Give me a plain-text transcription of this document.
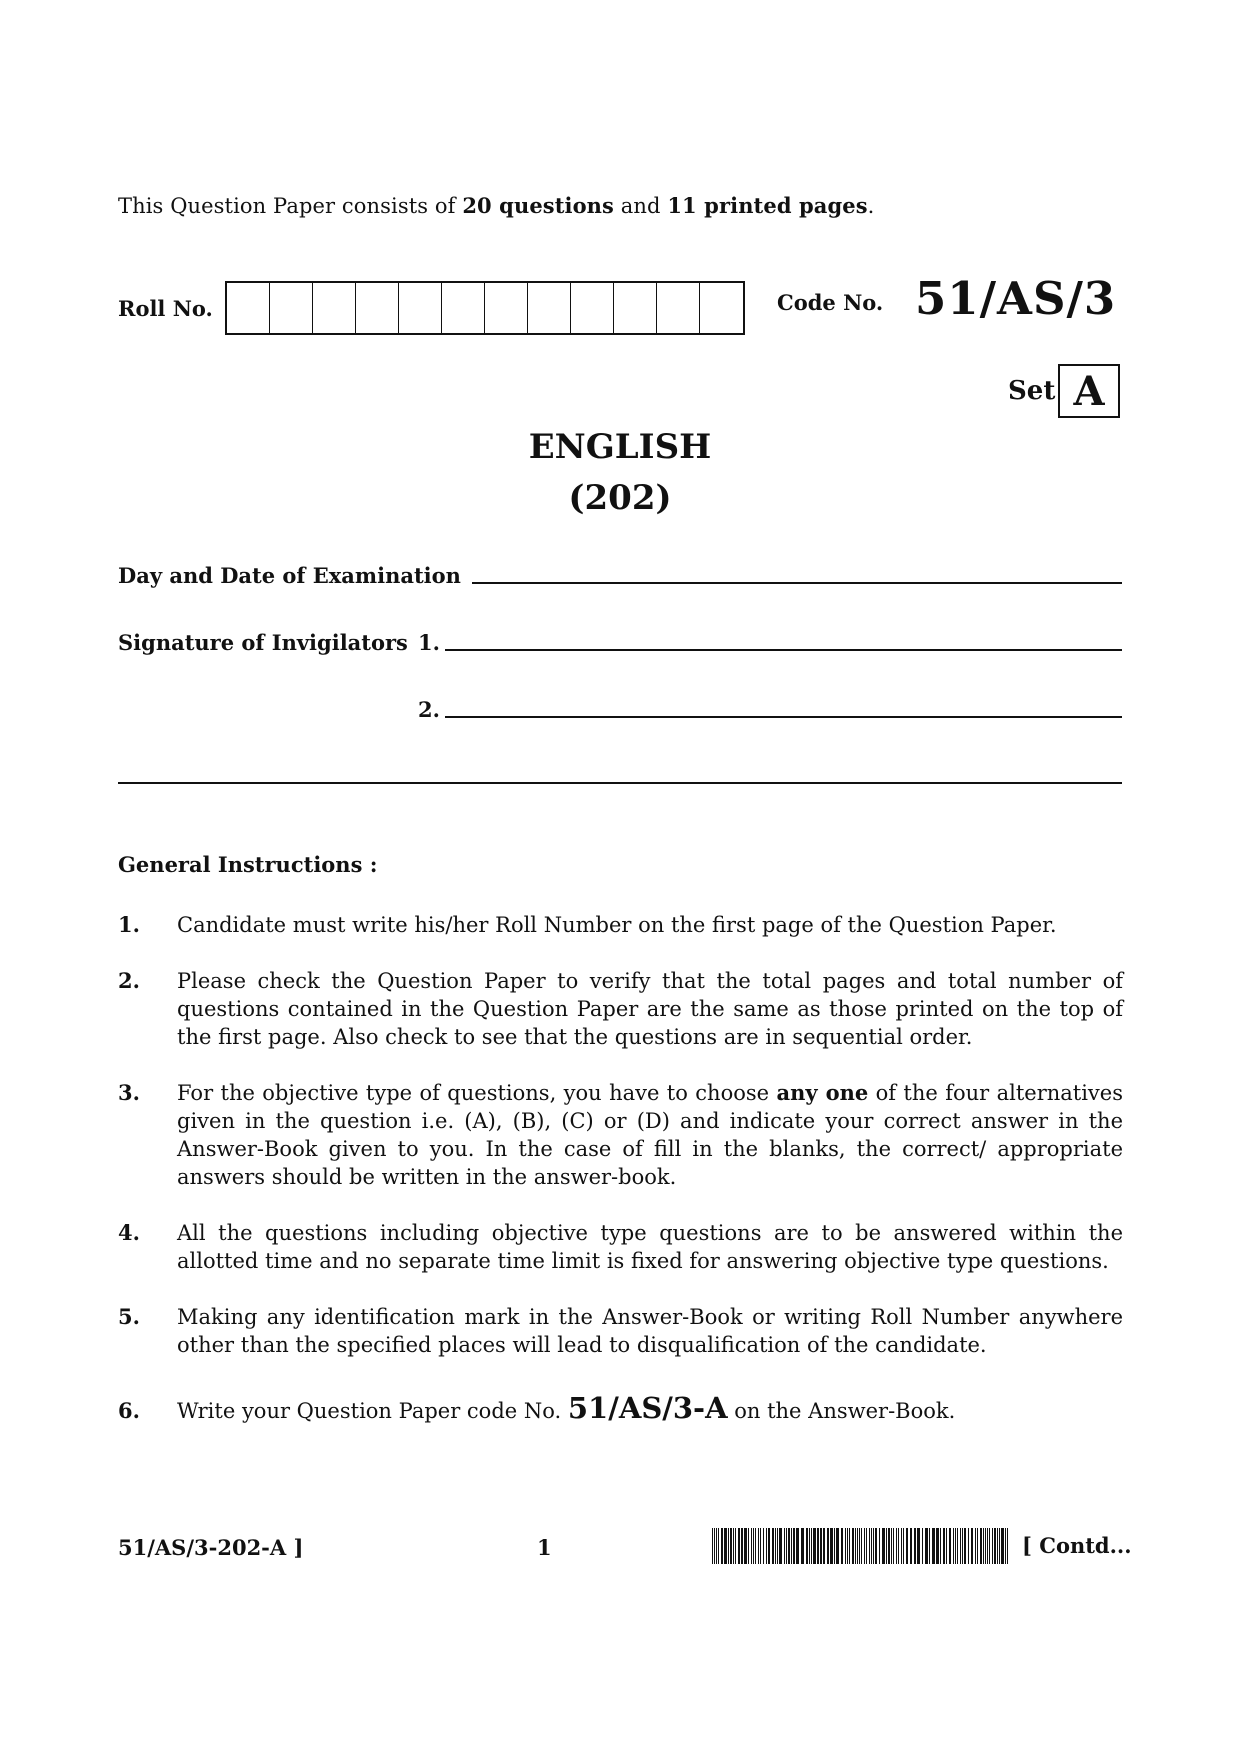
This Question Paper consists of 20 questions and 11 printed pages.
Roll No.	Code No. 51/AS/3
Set A
ENGLISH
(202)
Day and Date of Examination
Signature of Invigilators 1.
2.
General Instructions :
1.	Candidate must write his/her Roll Number on the first page of the Question Paper.
2.	Please check the Question Paper to verify that the total pages and total number of questions contained in the Question Paper are the same as those printed on the top of the first page. Also check to see that the questions are in sequential order.
3.	For the objective type of questions, you have to choose any one of the four alternatives given in the question i.e. (A), (B), (C) or (D) and indicate your correct answer in the Answer-Book given to you. In the case of fill in the blanks, the correct/ appropriate answers should be written in the answer-book.
4.	All the questions including objective type questions are to be answered within the allotted time and no separate time limit is fixed for answering objective type questions.
5.	Making any identification mark in the Answer-Book or writing Roll Number anywhere other than the specified places will lead to disqualification of the candidate.
6.	Write your Question Paper code No. 51/AS/3-A on the Answer-Book.
51/AS/3-202-A ]	1	[ Contd...
